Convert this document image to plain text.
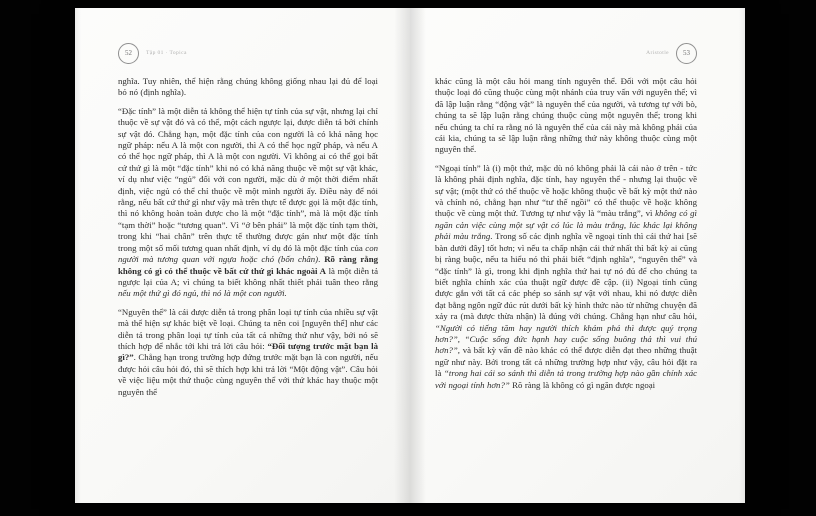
52	Tập 01 · Topica

nghĩa. Tuy nhiên, thể hiện rằng chúng không giống nhau lại đủ để loại bỏ nó (định nghĩa).

“Đặc tính” là một diễn tả không thể hiện tự tính của sự vật, nhưng lại chỉ thuộc về sự vật đó và có thể, một cách ngược lại, được diễn tả bởi chính sự vật đó. Chẳng hạn, một đặc tính của con người là có khả năng học ngữ pháp: nếu A là một con người, thì A có thể học ngữ pháp, và nếu A có thể học ngữ pháp, thì A là một con người. Vì không ai có thể gọi bất cứ thứ gì là một “đặc tính” khi nó có khả năng thuộc về một sự vật khác, ví dụ như việc “ngủ” đối với con người, mặc dù ở một thời điểm nhất định, việc ngủ có thể chỉ thuộc về một mình người ấy. Điều này để nói rằng, nếu bất cứ thứ gì như vậy mà trên thực tế được gọi là một đặc tính, thì nó không hoàn toàn được cho là một “đặc tính”, mà là một đặc tính “tạm thời” hoặc “tương quan”. Vì “ở bên phải” là một đặc tính tạm thời, trong khi “hai chân” trên thực tế thường được gán như một đặc tính trong một số mối tương quan nhất định, ví dụ đó là một đặc tính của con người mà tương quan với ngựa hoặc chó (bốn chân). Rõ ràng rằng không có gì có thể thuộc về bất cứ thứ gì khác ngoài A là một diễn tả ngược lại của A; vì chúng ta biết không nhất thiết phải tuân theo rằng nếu một thứ gì đó ngủ, thì nó là một con người.

“Nguyên thể” là cái được diễn tả trong phân loại tự tính của nhiều sự vật mà thể hiện sự khác biệt về loại. Chúng ta nên coi [nguyên thể] như các diễn tả trong phân loại tự tính của tất cả những thứ như vậy, bởi nó sẽ thích hợp để nhắc tới khi trả lời câu hỏi: “Đối tượng trước mặt bạn là gì?”. Chẳng hạn trong trường hợp đứng trước mặt bạn là con người, nếu được hỏi câu hỏi đó, thì sẽ thích hợp khi trả lời “Một động vật”. Câu hỏi về việc liệu một thứ thuộc cùng nguyên thể với thứ khác hay thuộc một nguyên thể

Aristotle 53

khác cũng là một câu hỏi mang tính nguyên thể. Đối với một câu hỏi thuộc loại đó cũng thuộc cùng một nhánh của truy vấn với nguyên thể; vì đã lập luận rằng “động vật” là nguyên thể của người, và tương tự với bò, chúng ta sẽ lập luận rằng chúng thuộc cùng một nguyên thể; trong khi nếu chúng ta chỉ ra rằng nó là nguyên thể của cái này mà không phải của cái kia, chúng ta sẽ lập luận rằng những thứ này không thuộc cùng một nguyên thể.

“Ngoại tính” là (i) một thứ, mặc dù nó không phải là cái nào ở trên - tức là không phải định nghĩa, đặc tính, hay nguyên thể - nhưng lại thuộc về sự vật; (một thứ có thể thuộc về hoặc không thuộc về bất kỳ một thứ nào và chính nó, chẳng hạn như “tư thế ngồi” có thể thuộc về hoặc không thuộc về cùng một thứ. Tương tự như vậy là “màu trắng”, vì không có gì ngăn cản việc cùng một sự vật có lúc là màu trắng, lúc khác lại không phải màu trắng. Trong số các định nghĩa về ngoại tính thì cái thứ hai [sẽ bàn dưới đây] tốt hơn; vì nếu ta chấp nhận cái thứ nhất thì bất kỳ ai cũng bị ràng buộc, nếu ta hiểu nó thì phải biết “định nghĩa”, “nguyên thể” và “đặc tính” là gì, trong khi định nghĩa thứ hai tự nó đủ để cho chúng ta biết nghĩa chính xác của thuật ngữ được đề cập. (ii) Ngoại tính cũng được gắn với tất cả các phép so sánh sự vật với nhau, khi nó được diễn đạt bằng ngôn ngữ đúc rút dưới bất kỳ hình thức nào từ những chuyện đã xảy ra (mà được thừa nhận) là đúng với chúng. Chẳng hạn như câu hỏi, “Người có tiếng tăm hay người thích khám phá thì được quý trọng hơn?”, “Cuộc sống đức hạnh hay cuộc sống buông thả thì vui thú hơn?”, và bất kỳ vấn đề nào khác có thể được diễn đạt theo những thuật ngữ như này. Bởi trong tất cả những trường hợp như vậy, câu hỏi đặt ra là “trong hai cái so sánh thì diễn tả trong trường hợp nào gần chính xác với ngoại tính hơn?” Rõ ràng là không có gì ngăn được ngoại
